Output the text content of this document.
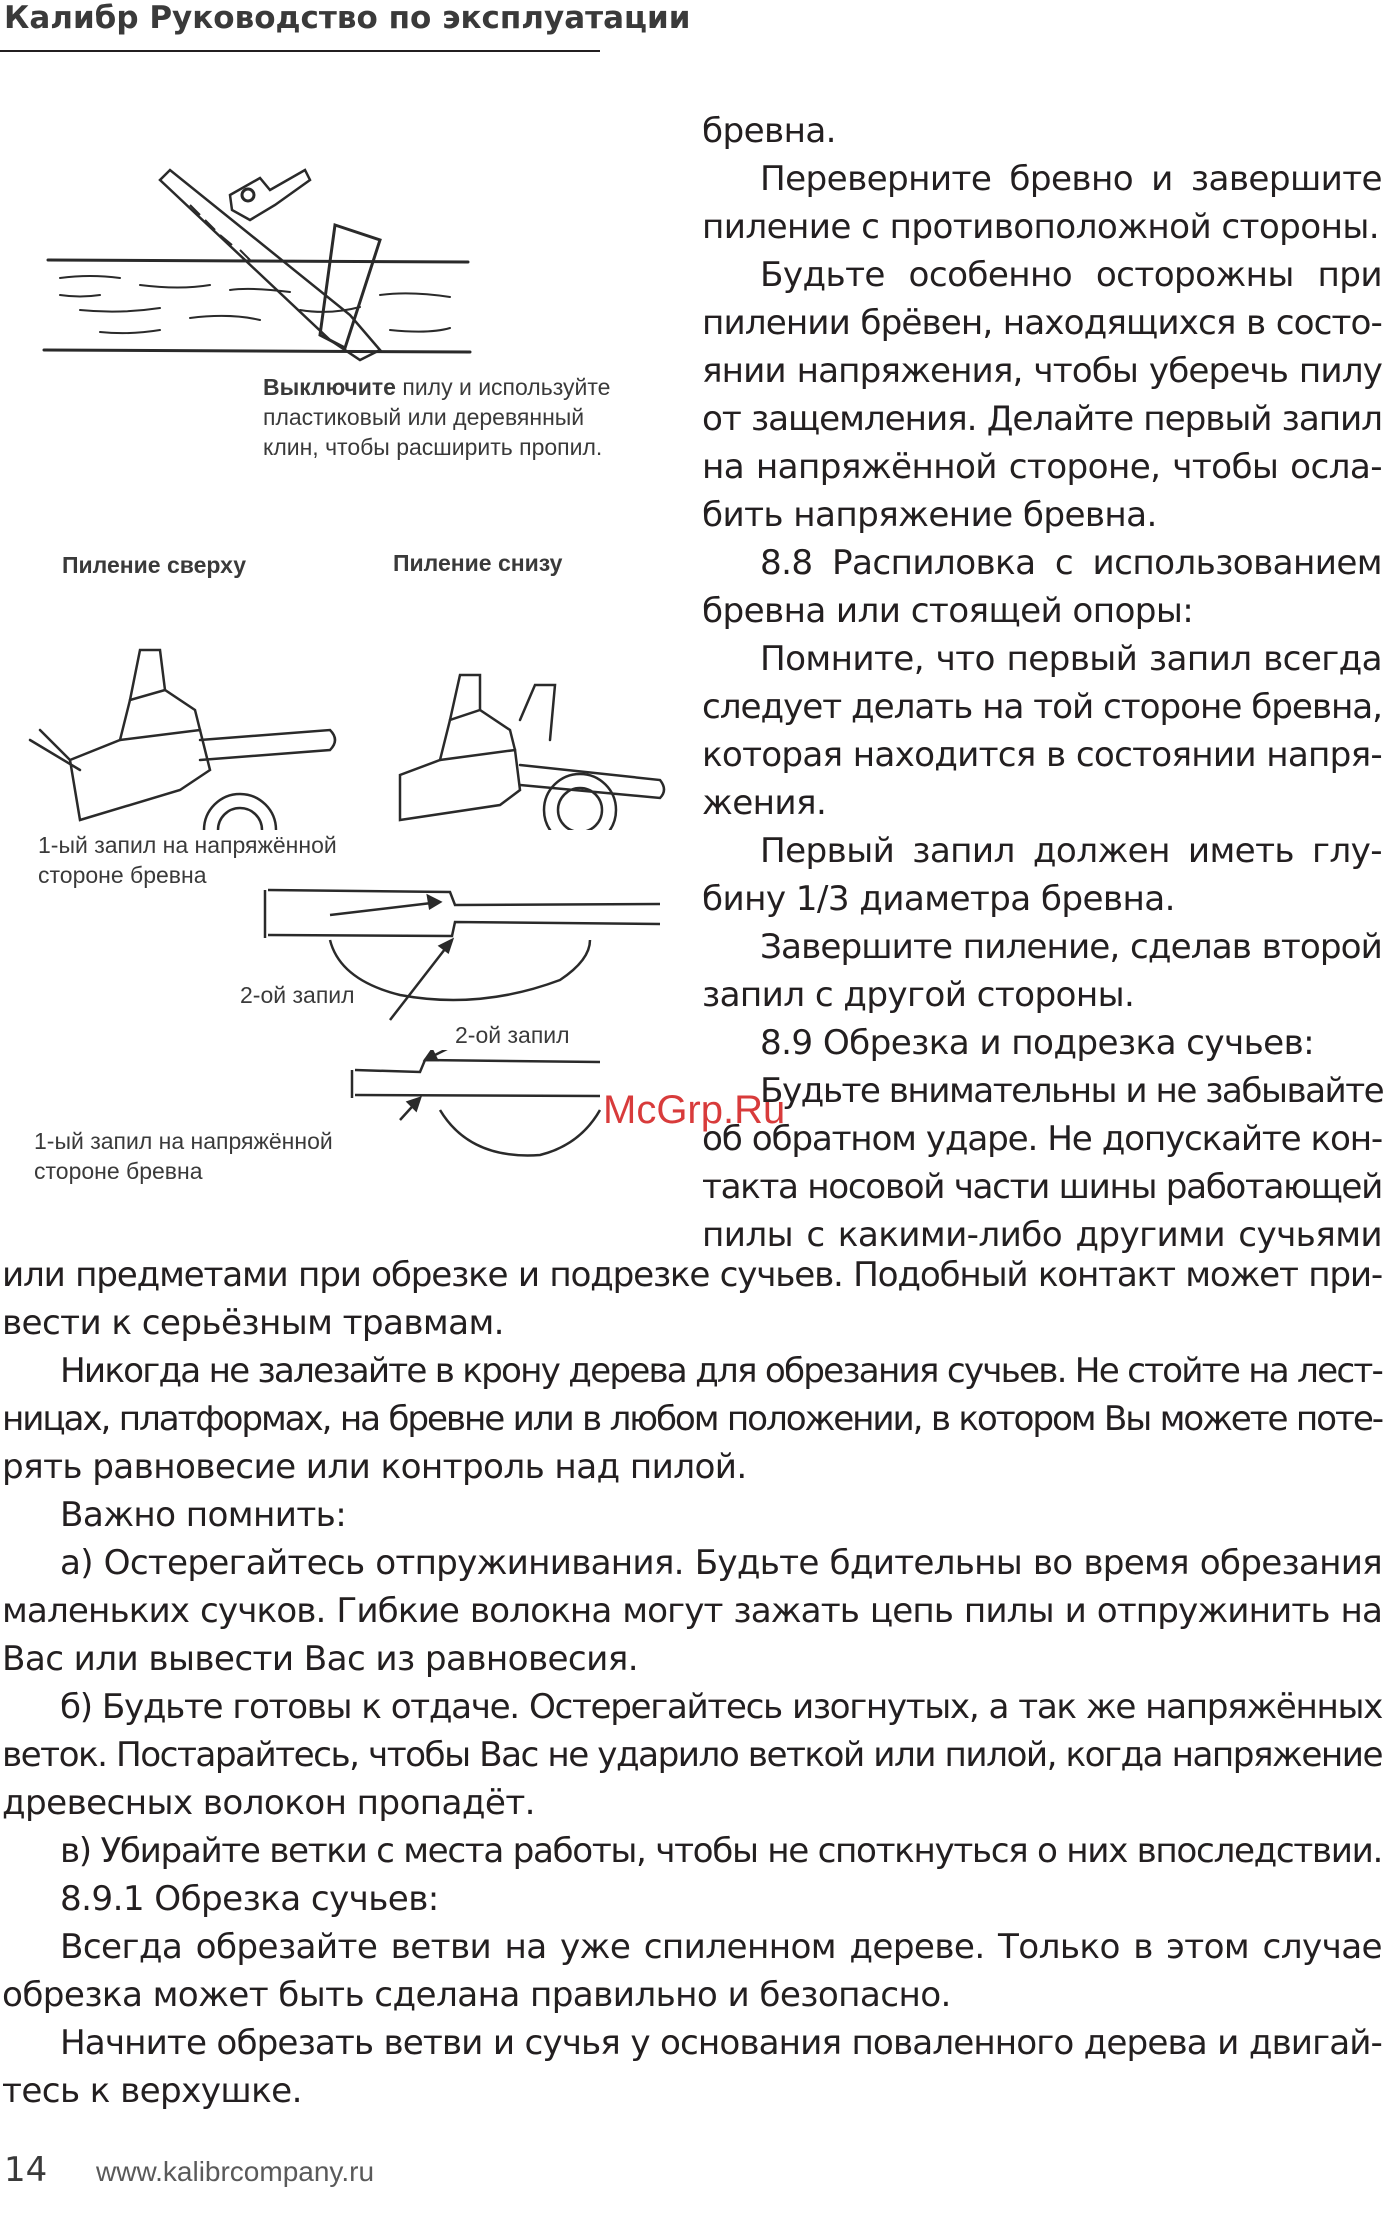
Калибр Руководство по эксплуатации
Выключите пилу и используйте
пластиковый или деревянный
клин, чтобы расширить пропил.
Пиление сверху	Пиление снизу
1-ый запил на напряжённой
стороне бревна
2-ой запил
2-ой запил
1-ый запил на напряжённой
стороне бревна
бревна.
Переверните бревно и завершите
пиление с противоположной стороны.
Будьте особенно осторожны при
пилении брёвен, находящихся в состо-
янии напряжения, чтобы уберечь пилу
от защемления. Делайте первый запил
на напряжённой стороне, чтобы осла-
бить напряжение бревна.
8.8 Распиловка с использованием
бревна или стоящей опоры:
Помните, что первый запил всегда
следует делать на той стороне бревна,
которая находится в состоянии напря-
жения.
Первый запил должен иметь глу-
бину 1/3 диаметра бревна.
Завершите пиление, сделав второй
запил с другой стороны.
8.9 Обрезка и подрезка сучьев:
Будьте внимательны и не забывайте
об обратном ударе. Не допускайте кон-
такта носовой части шины работающей
пилы с какими-либо другими сучьями
или предметами при обрезке и подрезке сучьев. Подобный контакт может при-
вести к серьёзным травмам.
Никогда не залезайте в крону дерева для обрезания сучьев. Не стойте на лест-
ницах, платформах, на бревне или в любом положении, в котором Вы можете поте-
рять равновесие или контроль над пилой.
Важно помнить:
а) Остерегайтесь отпружинивания. Будьте бдительны во время обрезания
маленьких сучков. Гибкие волокна могут зажать цепь пилы и отпружинить на
Вас или вывести Вас из равновесия.
б) Будьте готовы к отдаче. Остерегайтесь изогнутых, а так же напряжённых
веток. Постарайтесь, чтобы Вас не ударило веткой или пилой, когда напряжение
древесных волокон пропадёт.
в) Убирайте ветки с места работы, чтобы не споткнуться о них впоследствии.
8.9.1 Обрезка сучьев:
Всегда обрезайте ветви на уже спиленном дереве. Только в этом случае
обрезка может быть сделана правильно и безопасно.
Начните обрезать ветви и сучья у основания поваленного дерева и двигай-
тесь к верхушке.
McGrp.Ru
14 www.kalibrcompany.ru
